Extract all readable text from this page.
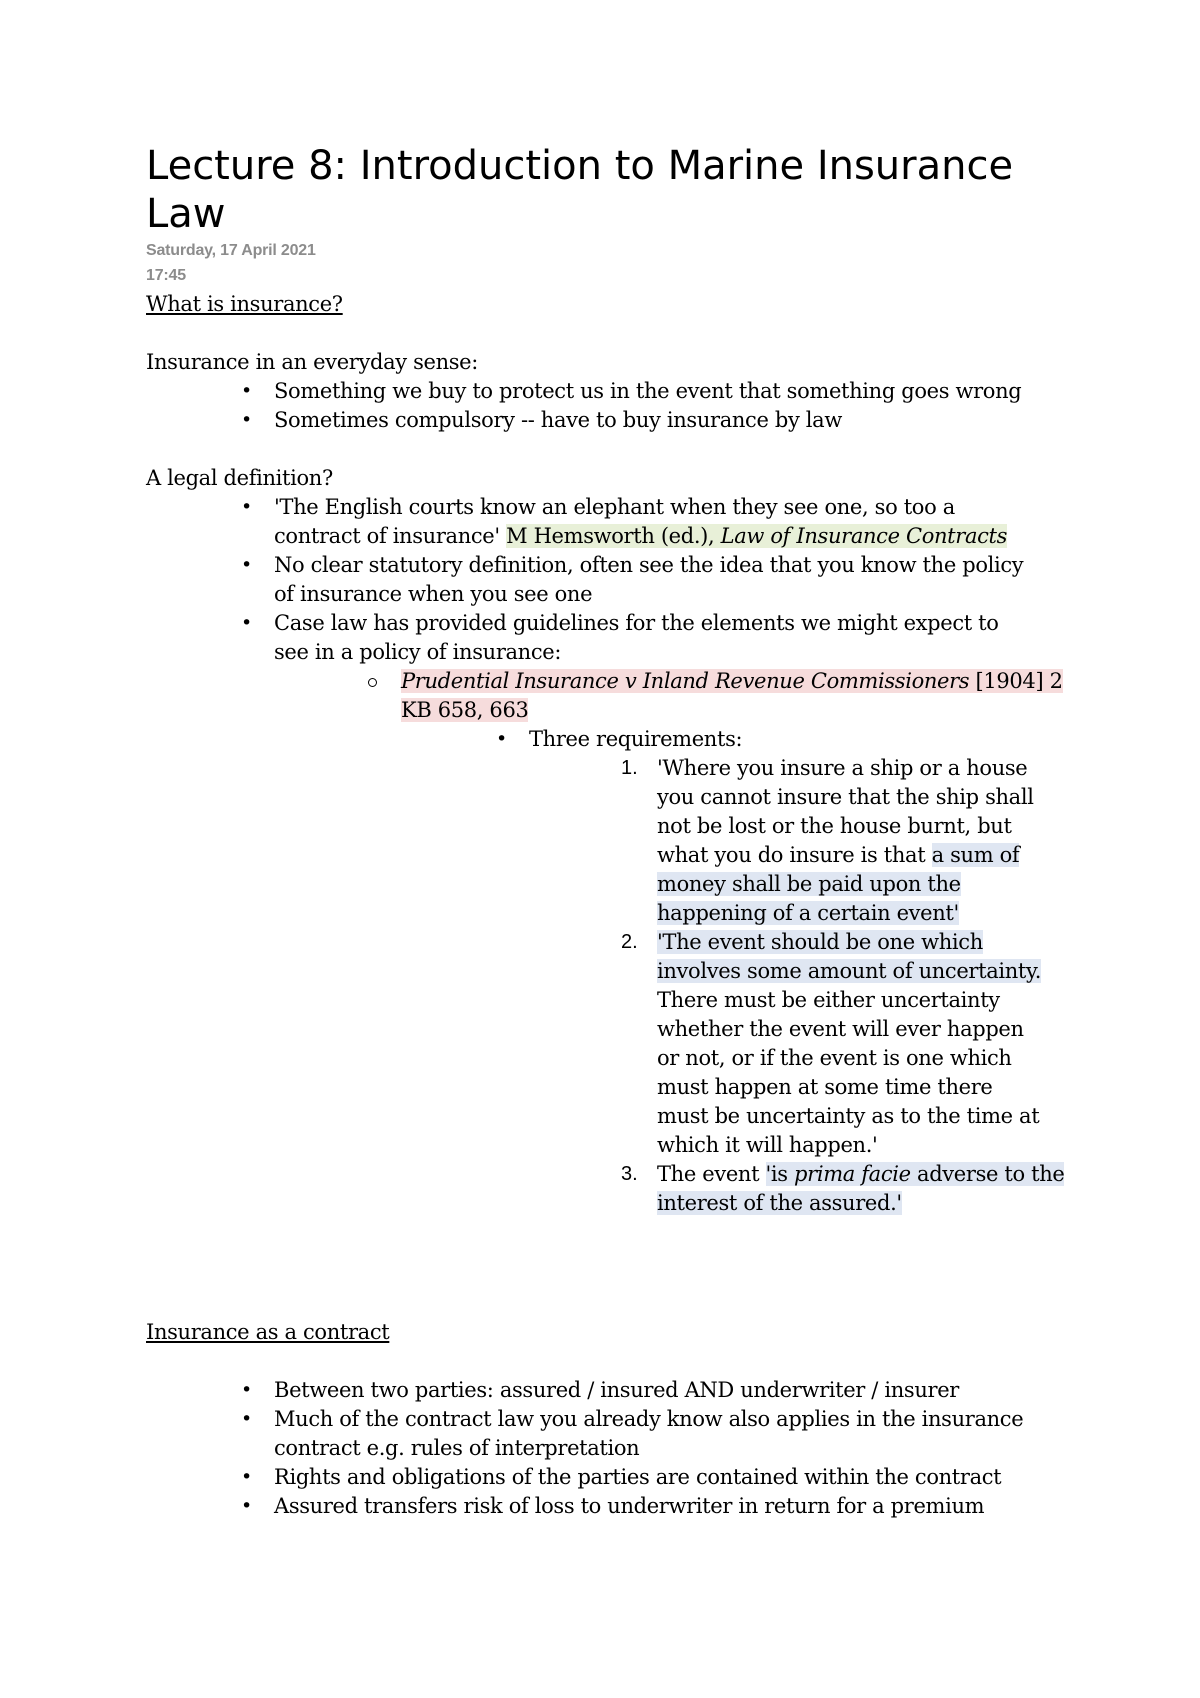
Lecture 8: Introduction to Marine Insurance Law
Saturday, 17 April 2021
17:45
What is insurance?
Insurance in an everyday sense:
• Something we buy to protect us in the event that something goes wrong
• Sometimes compulsory -- have to buy insurance by law
A legal definition?
• 'The English courts know an elephant when they see one, so too a
contract of insurance' M Hemsworth (ed.), Law of Insurance Contracts
• No clear statutory definition, often see the idea that you know the policy
of insurance when you see one
• Case law has provided guidelines for the elements we might expect to
see in a policy of insurance:
Prudential Insurance v Inland Revenue Commissioners [1904] 2
KB 658, 663
• Three requirements:
1. 'Where you insure a ship or a house
you cannot insure that the ship shall
not be lost or the house burnt, but
what you do insure is that a sum of
money shall be paid upon the
happening of a certain event'
2. 'The event should be one which
involves some amount of uncertainty.
There must be either uncertainty
whether the event will ever happen
or not, or if the event is one which
must happen at some time there
must be uncertainty as to the time at
which it will happen.'
3. The event 'is prima facie adverse to the
interest of the assured.'
Insurance as a contract
• Between two parties: assured / insured AND underwriter / insurer
• Much of the contract law you already know also applies in the insurance
contract e.g. rules of interpretation
• Rights and obligations of the parties are contained within the contract
• Assured transfers risk of loss to underwriter in return for a premium
